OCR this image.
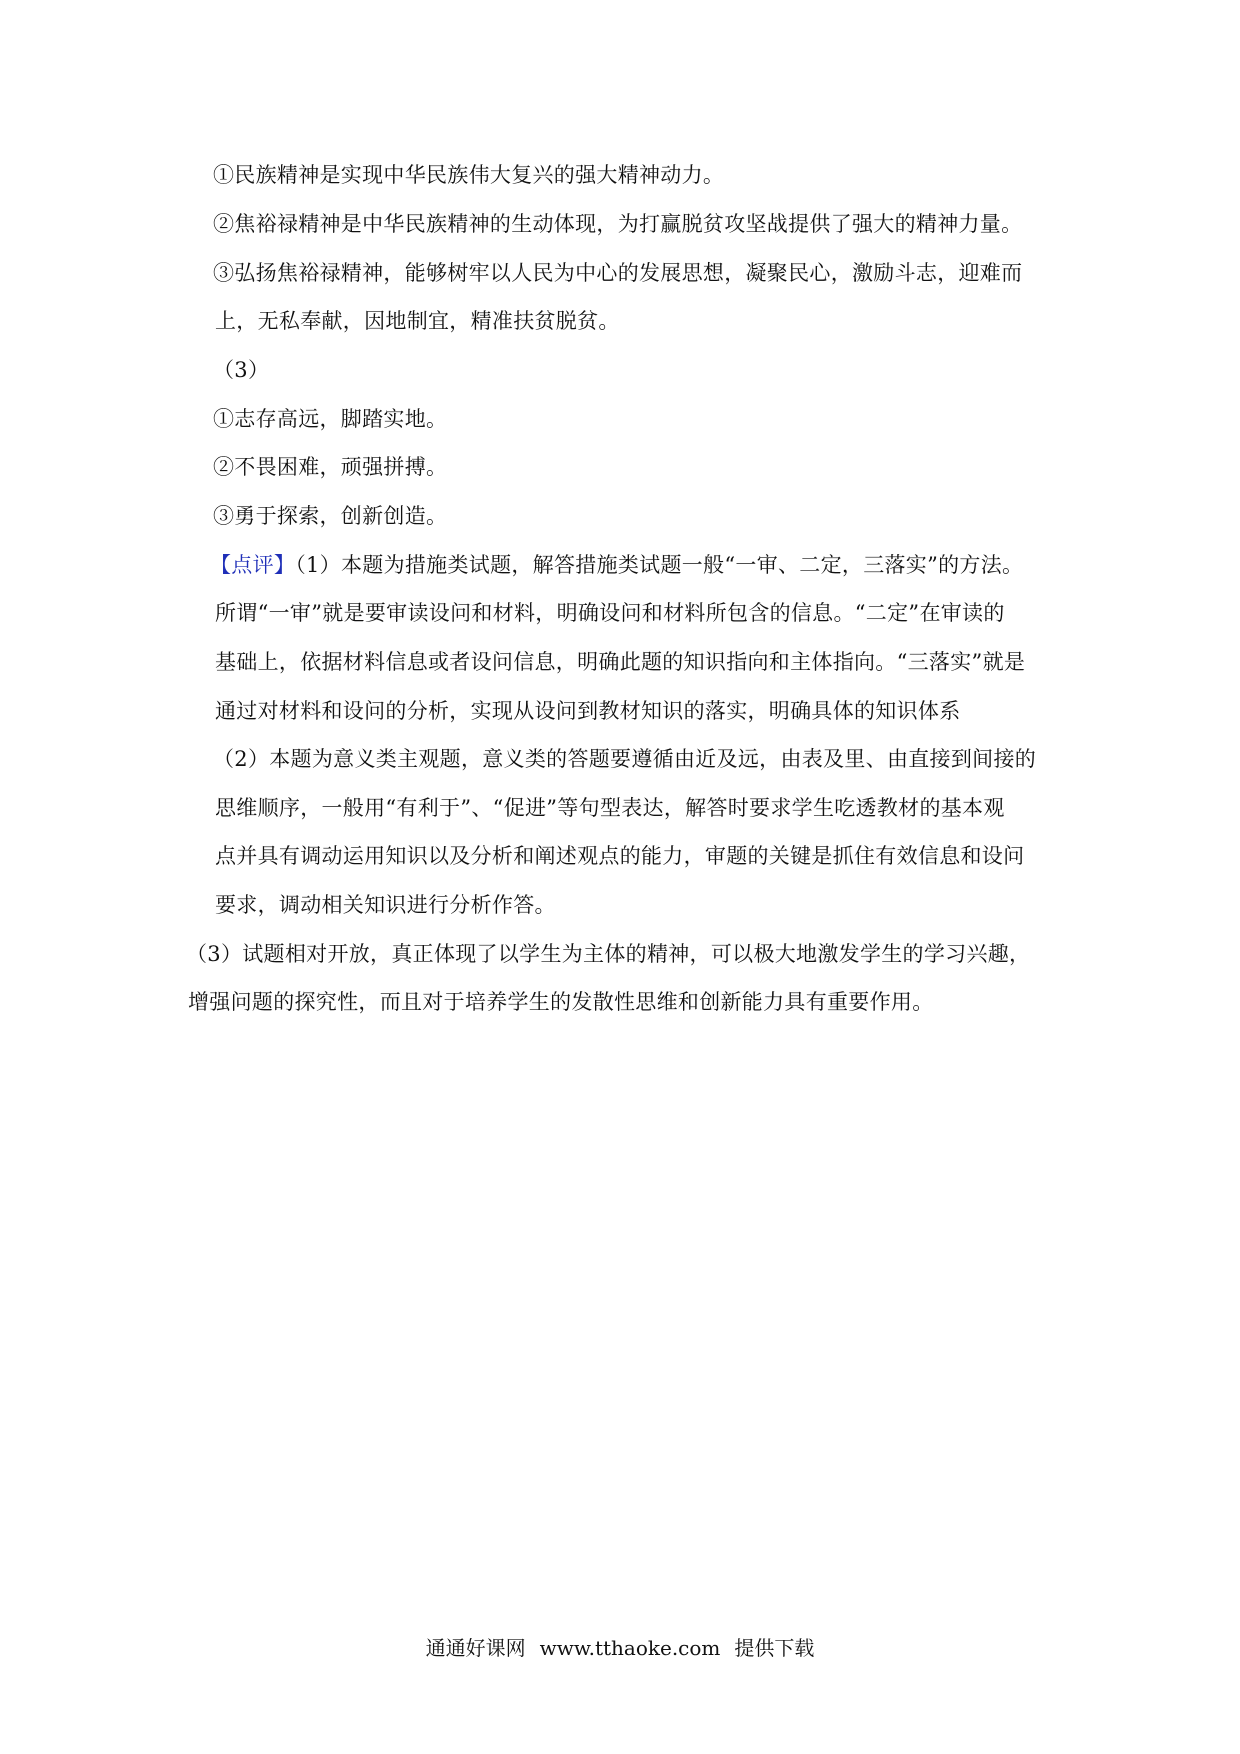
①民族精神是实现中华民族伟大复兴的强大精神动力。
②焦裕禄精神是中华民族精神的生动体现，为打赢脱贫攻坚战提供了强大的精神力量。
③弘扬焦裕禄精神，能够树牢以人民为中心的发展思想，凝聚民心，激励斗志，迎难而
上，无私奉献，因地制宜，精准扶贫脱贫。
（3）
①志存高远，脚踏实地。
②不畏困难，顽强拼搏。
③勇于探索，创新创造。
【点评】（1）本题为措施类试题，解答措施类试题一般“一审、二定，三落实”的方法。
所谓“一审”就是要审读设问和材料，明确设问和材料所包含的信息。“二定”在审读的
基础上，依据材料信息或者设问信息，明确此题的知识指向和主体指向。“三落实”就是
通过对材料和设问的分析，实现从设问到教材知识的落实，明确具体的知识体系
（2）本题为意义类主观题，意义类的答题要遵循由近及远，由表及里、由直接到间接的
思维顺序，一般用“有利于”、“促进”等句型表达，解答时要求学生吃透教材的基本观
点并具有调动运用知识以及分析和阐述观点的能力，审题的关键是抓住有效信息和设问
要求，调动相关知识进行分析作答。
（3）试题相对开放，真正体现了以学生为主体的精神，可以极大地激发学生的学习兴趣，
增强问题的探究性，而且对于培养学生的发散性思维和创新能力具有重要作用。
通通好课网 www.tthaoke.com 提供下载
